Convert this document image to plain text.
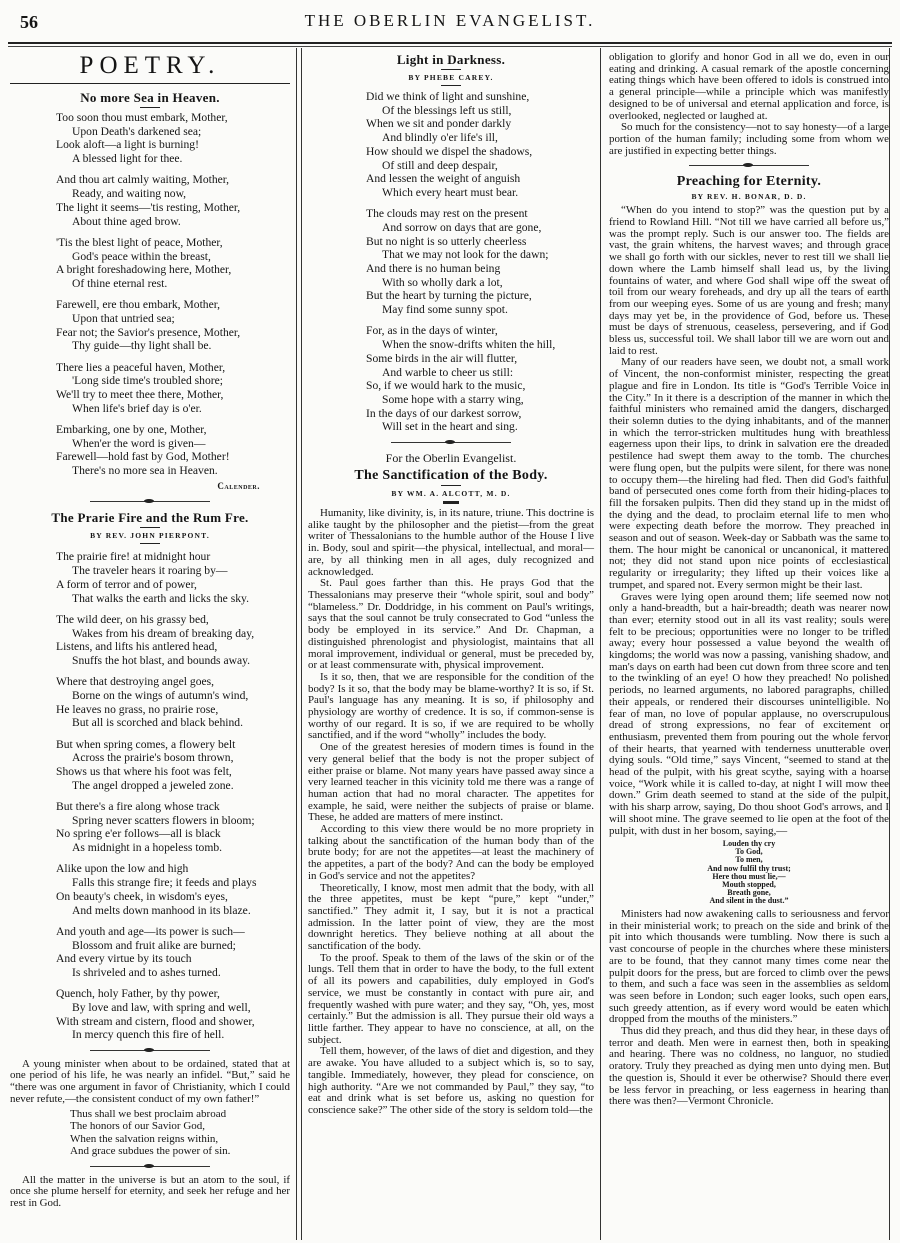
56	THE OBERLIN EVANGELIST.
POETRY.
No more Sea in Heaven.
Too soon thou must embark, Mother,
Upon Death's darkened sea;
Look aloft—a light is burning!
A blessed light for thee.
And thou art calmly waiting, Mother,
Ready, and waiting now,
The light it seems—'tis resting, Mother,
About thine aged brow.
'Tis the blest light of peace, Mother,
God's peace within the breast,
A bright foreshadowing here, Mother,
Of thine eternal rest.
Farewell, ere thou embark, Mother,
Upon that untried sea;
Fear not; the Savior's presence, Mother,
Thy guide—thy light shall be.
There lies a peaceful haven, Mother,
'Long side time's troubled shore;
We'll try to meet thee there, Mother,
When life's brief day is o'er.
Embarking, one by one, Mother,
When'er the word is given—
Farewell—hold fast by God, Mother!
There's no more sea in Heaven.
Calender.
The Prarie Fire and the Rum Fre.
BY REV. JOHN PIERPONT.
The prairie fire! at midnight hour
The traveler hears it roaring by—
A form of terror and of power,
That walks the earth and licks the sky.
The wild deer, on his grassy bed,
Wakes from his dream of breaking day,
Listens, and lifts his antlered head,
Snuffs the hot blast, and bounds away.
Where that destroying angel goes,
Borne on the wings of autumn's wind,
He leaves no grass, no prairie rose,
But all is scorched and black behind.
But when spring comes, a flowery belt
Across the prairie's bosom thrown,
Shows us that where his foot was felt,
The angel dropped a jeweled zone.
But there's a fire along whose track
Spring never scatters flowers in bloom;
No spring e'er follows—all is black
As midnight in a hopeless tomb.
Alike upon the low and high
Falls this strange fire; it feeds and plays
On beauty's cheek, in wisdom's eyes,
And melts down manhood in its blaze.
And youth and age—its power is such—
Blossom and fruit alike are burned;
And every virtue by its touch
Is shriveled and to ashes turned.
Quench, holy Father, by thy power,
By love and law, with spring and well,
With stream and cistern, flood and shower,
In mercy quench this fire of hell.

A young minister when about to be ordained, stated that at one period of his life, he was nearly an infidel. “But,” said he “there was one argument in favor of Christianity, which I could never refute,—the consistent conduct of my own father!”

Thus shall we best proclaim abroad
The honors of our Savior God,
When the salvation reigns within,
And grace subdues the power of sin.

All the matter in the universe is but an atom to the soul, if once she plume herself for eternity, and seek her refuge and her rest in God.

Light in Darkness.
BY PHEBE CAREY.
Did we think of light and sunshine,
Of the blessings left us still,
When we sit and ponder darkly
And blindly o'er life's ill,
How should we dispel the shadows,
Of still and deep despair,
And lessen the weight of anguish
Which every heart must bear.
The clouds may rest on the present
And sorrow on days that are gone,
But no night is so utterly cheerless
That we may not look for the dawn;
And there is no human being
With so wholly dark a lot,
But the heart by turning the picture,
May find some sunny spot.
For, as in the days of winter,
When the snow-drifts whiten the hill,
Some birds in the air will flutter,
And warble to cheer us still:
So, if we would hark to the music,
Some hope with a starry wing,
In the days of our darkest sorrow,
Will set in the heart and sing.
For the Oberlin Evangelist.
The Sanctification of the Body.
BY WM. A. ALCOTT, M. D.

Humanity, like divinity, is, in its nature, triune. This doctrine is alike taught by the philosopher and the pietist—from the great writer of Thessalonians to the humble author of the House I live in. Body, soul and spirit—the physical, intellectual, and moral—are, by all thinking men in all ages, duly recognized and acknowledged.

St. Paul goes farther than this. He prays God that the Thessalonians may preserve their “whole spirit, soul and body” “blameless.” Dr. Doddridge, in his comment on Paul's writings, says that the soul cannot be truly consecrated to God “unless the body be employed in its service.” And Dr. Chapman, a distinguished phrenologist and physiologist, maintains that all moral improvement, individual or general, must be preceded by, or at least commensurate with, physical improvement.

Is it so, then, that we are responsible for the condition of the body? Is it so, that the body may be blame-worthy? It is so, if St. Paul's language has any meaning. It is so, if philosophy and physiology are worthy of credence. It is so, if common-sense is worthy of our regard. It is so, if we are required to be wholly sanctified, and if the word “wholly” includes the body.

One of the greatest heresies of modern times is found in the very general belief that the body is not the proper subject of either praise or blame. Not many years have passed away since a very learned teacher in this vicinity told me there was a range of human action that had no moral character. The appetites for example, he said, were neither the subjects of praise or blame. These, he added are matters of mere instinct.

According to this view there would be no more propriety in talking about the sanctification of the human body than of the brute body; for are not the appetites—at least the machinery of the appetites, a part of the body? And can the body be employed in God's service and not the appetites?

Theoretically, I know, most men admit that the body, with all the three appetites, must be kept “pure,” kept “under,” sanctified.” They admit it, I say, but it is not a practical admission. In the latter point of view, they are the most downright heretics. They believe nothing at all about the sanctification of the body.

To the proof. Speak to them of the laws of the skin or of the lungs. Tell them that in order to have the body, to the full extent of all its powers and capabilities, duly employed in God's service, we must be constantly in contact with pure air, and frequently washed with pure water; and they say, “Oh, yes, most certainly.” But the admission is all. They pursue their old ways a little farther. They appear to have no conscience, at all, on the subject.

Tell them, however, of the laws of diet and digestion, and they are awake. You have alluded to a subject which is, so to say, tangible. Immediately, however, they plead for conscience, on high authority. “Are we not commanded by Paul,” they say, “to eat and drink what is set before us, asking no question for conscience sake?” The other side of the story is seldom told—the

obligation to glorify and honor God in all we do, even in our eating and drinking. A casual remark of the apostle concerning eating things which have been offered to idols is construed into a general principle—while a principle which was manifestly designed to be of universal and eternal application and force, is overlooked, neglected or laughed at.

So much for the consistency—not to say honesty—of a large portion of the human family; including some from whom we are justified in expecting better things.

Preaching for Eternity.
BY REV. H. BONAR, D. D.

“When do you intend to stop?” was the question put by a friend to Rowland Hill. “Not till we have carried all before us,” was the prompt reply. Such is our answer too. The fields are vast, the grain whitens, the harvest waves; and through grace we shall go forth with our sickles, never to rest till we shall lie down where the Lamb himself shall lead us, by the living fountains of water, and where God shall wipe off the sweat of toil from our weary foreheads, and dry up all the tears of earth from our weeping eyes. Some of us are young and fresh; many days may yet be, in the providence of God, before us. These must be days of strenuous, ceaseless, persevering, and if God bless us, successful toil. We shall labor till we are worn out and laid to rest.

Many of our readers have seen, we doubt not, a small work of Vincent, the non-conformist minister, respecting the great plague and fire in London. Its title is “God's Terrible Voice in the City.” In it there is a description of the manner in which the faithful ministers who remained amid the dangers, discharged their solemn duties to the dying inhabitants, and of the manner in which the terror-stricken multitudes hung with breathless eagerness upon their lips, to drink in salvation ere the dreaded pestilence had swept them away to the tomb. The churches were flung open, but the pulpits were silent, for there was none to occupy them—the hireling had fled. Then did God's faithful band of persecuted ones come forth from their hiding-places to fill the forsaken pulpits. Then did they stand up in the midst of the dying and the dead, to proclaim eternal life to men who were expecting death before the morrow. They preached in season and out of season. Week-day or Sabbath was the same to them. The hour might be canonical or uncanonical, it mattered not; they did not stand upon nice points of ecclesiastical regularity or irregularity; they lifted up their voices like a trumpet, and spared not. Every sermon might be their last.

Graves were lying open around them; life seemed now not only a hand-breadth, but a hair-breadth; death was nearer now than ever; eternity stood out in all its vast reality; souls were felt to be precious; opportunities were no longer to be trifled away; every hour possessed a value beyond the wealth of kingdoms; the world was now a passing, vanishing shadow, and man's days on earth had been cut down from three score and ten to the twinkling of an eye! O how they preached! No polished periods, no learned arguments, no labored paragraphs, chilled their appeals, or rendered their discourses unintelligible. No fear of man, no love of popular applause, no overscrupulous dread of strong expressions, no fear of excitement or enthusiasm, prevented them from pouring out the whole fervor of their hearts, that yearned with tenderness unutterable over dying souls. “Old time,” says Vincent, “seemed to stand at the head of the pulpit, with his great scythe, saying with a hoarse voice, “Work while it is called to-day, at night I will mow thee down.” Grim death seemed to stand at the side of the pulpit, with his sharp arrow, saying, Do thou shoot God's arrows, and I will shoot mine. The grave seemed to lie open at the foot of the pulpit, with dust in her bosom, saying,—

Louden thy cry
To God,
To men,
And now fulfil thy trust;
Here thou must lie,—
Mouth stopped,
Breath gone,
And silent in the dust.”

Ministers had now awakening calls to seriousness and fervor in their ministerial work; to preach on the side and brink of the pit into which thousands were tumbling. Now there is such a vast concourse of people in the churches where these ministers are to be found, that they cannot many times come near the pulpit doors for the press, but are forced to climb over the pews to them, and such a face was seen in the assemblies as seldom was seen before in London; such eager looks, such open ears, such greedy attention, as if every word would be eaten which dropped from the mouths of the ministers.”

Thus did they preach, and thus did they hear, in these days of terror and death. Men were in earnest then, both in speaking and hearing. There was no coldness, no languor, no studied oratory. Truly they preached as dying men unto dying men. But the question is, Should it ever be otherwise? Should there ever be less fervor in preaching, or less eagerness in hearing than there was then?—Vermont Chronicle.
